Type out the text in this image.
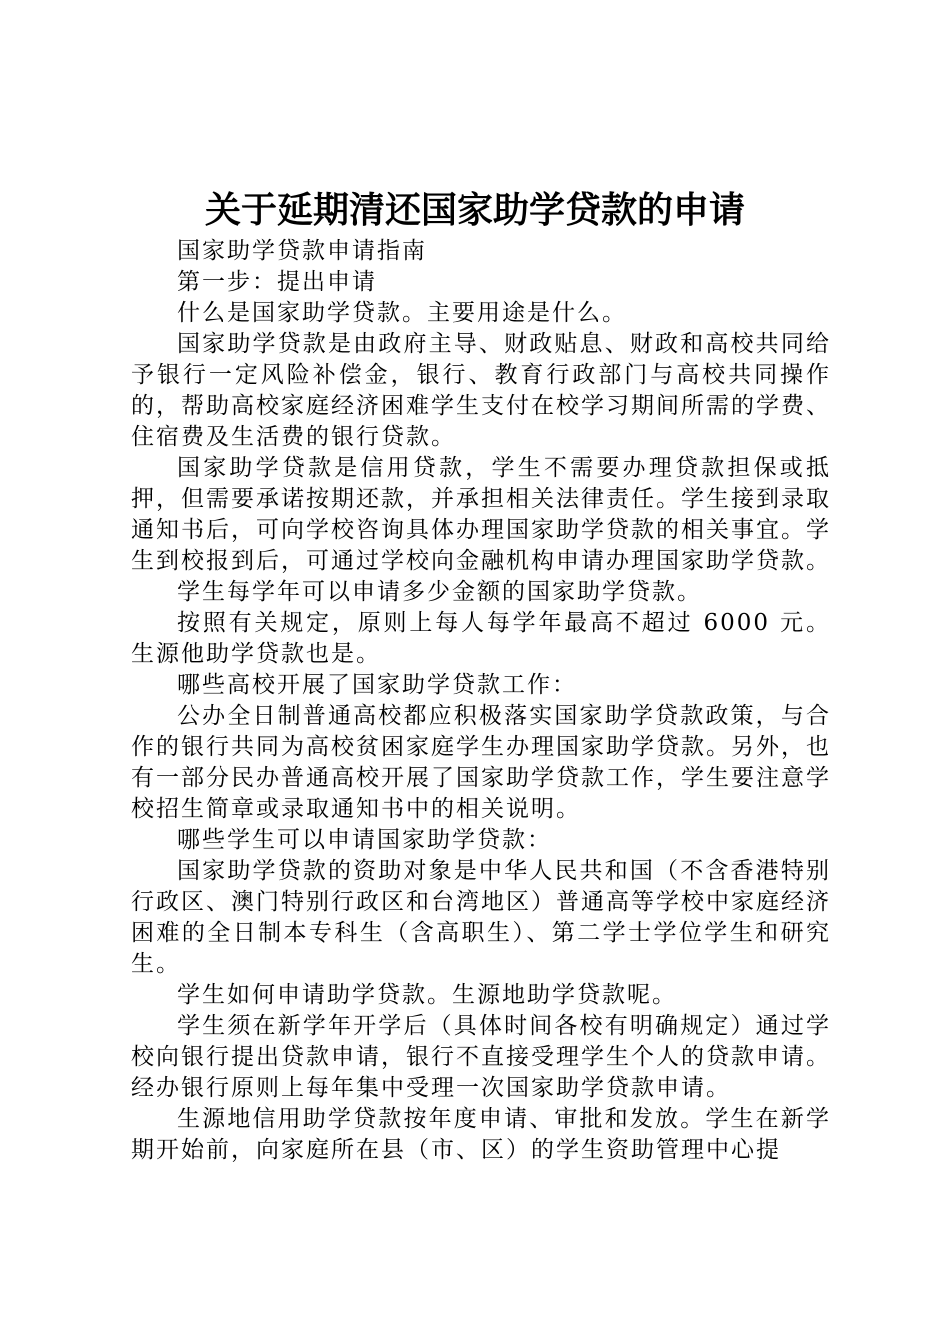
关于延期清还国家助学贷款的申请

国家助学贷款申请指南

第一步：提出申请

什么是国家助学贷款。主要用途是什么。

国家助学贷款是由政府主导、财政贴息、财政和高校共同给予银行一定风险补偿金，银行、教育行政部门与高校共同操作的，帮助高校家庭经济困难学生支付在校学习期间所需的学费、住宿费及生活费的银行贷款。

国家助学贷款是信用贷款，学生不需要办理贷款担保或抵押，但需要承诺按期还款，并承担相关法律责任。学生接到录取通知书后，可向学校咨询具体办理国家助学贷款的相关事宜。学生到校报到后，可通过学校向金融机构申请办理国家助学贷款。

学生每学年可以申请多少金额的国家助学贷款。

按照有关规定，原则上每人每学年最高不超过 6000 元。生源他助学贷款也是。

哪些高校开展了国家助学贷款工作：

公办全日制普通高校都应积极落实国家助学贷款政策，与合作的银行共同为高校贫困家庭学生办理国家助学贷款。另外，也有一部分民办普通高校开展了国家助学贷款工作，学生要注意学校招生简章或录取通知书中的相关说明。

哪些学生可以申请国家助学贷款：

国家助学贷款的资助对象是中华人民共和国（不含香港特别行政区、澳门特别行政区和台湾地区）普通高等学校中家庭经济困难的全日制本专科生（含高职生）、第二学士学位学生和研究生。

学生如何申请助学贷款。生源地助学贷款呢。

学生须在新学年开学后（具体时间各校有明确规定）通过学校向银行提出贷款申请，银行不直接受理学生个人的贷款申请。经办银行原则上每年集中受理一次国家助学贷款申请。

生源地信用助学贷款按年度申请、审批和发放。学生在新学期开始前，向家庭所在县（市、区）的学生资助管理中心提
